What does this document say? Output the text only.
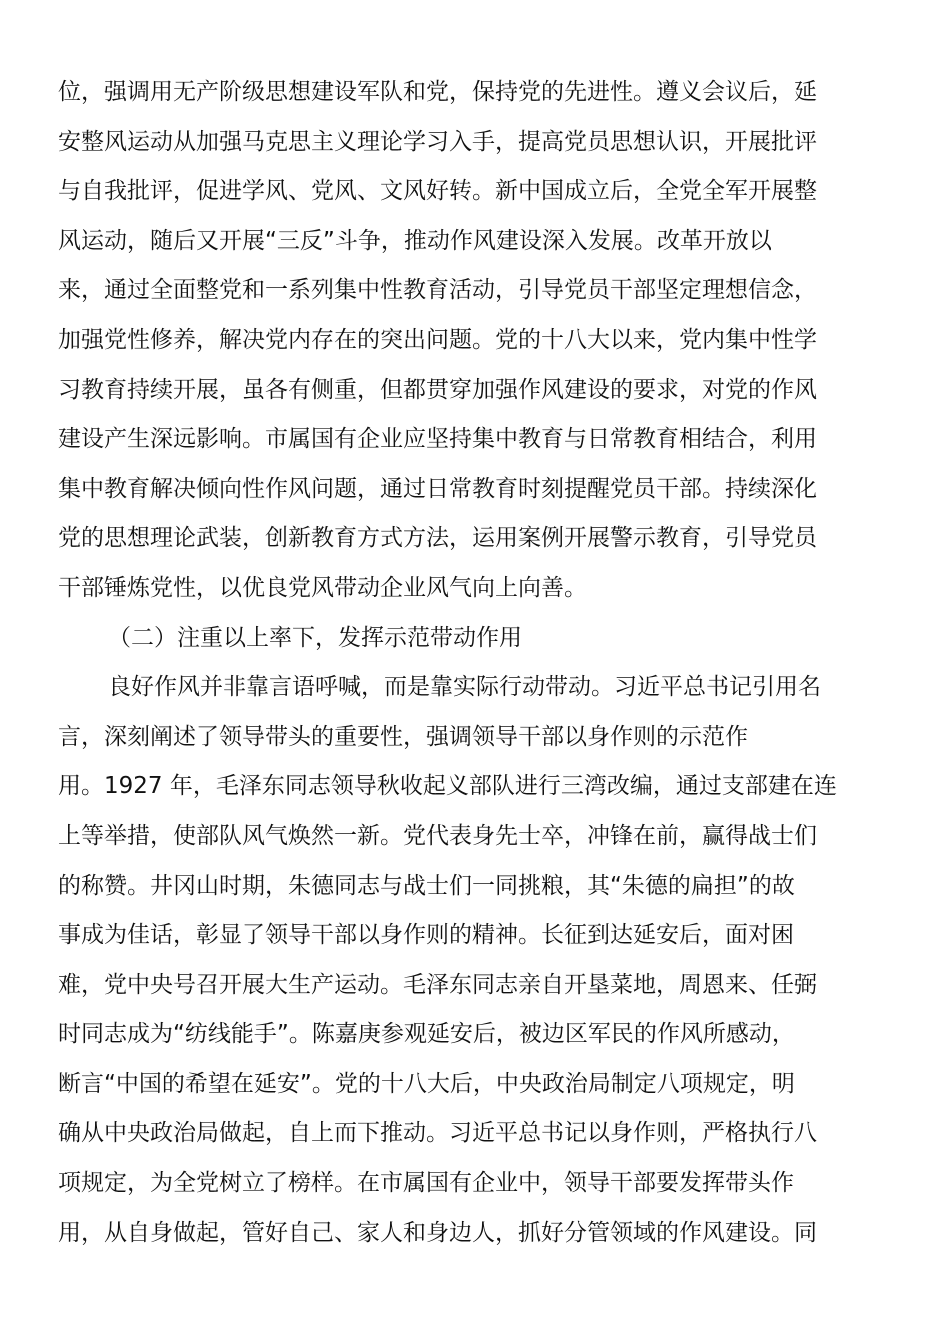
位，强调用无产阶级思想建设军队和党，保持党的先进性。遵义会议后，延
安整风运动从加强马克思主义理论学习入手，提高党员思想认识，开展批评
与自我批评，促进学风、党风、文风好转。新中国成立后，全党全军开展整
风运动，随后又开展“三反”斗争，推动作风建设深入发展。改革开放以
来，通过全面整党和一系列集中性教育活动，引导党员干部坚定理想信念，
加强党性修养，解决党内存在的突出问题。党的十八大以来，党内集中性学
习教育持续开展，虽各有侧重，但都贯穿加强作风建设的要求，对党的作风
建设产生深远影响。市属国有企业应坚持集中教育与日常教育相结合，利用
集中教育解决倾向性作风问题，通过日常教育时刻提醒党员干部。持续深化
党的思想理论武装，创新教育方式方法，运用案例开展警示教育，引导党员
干部锤炼党性，以优良党风带动企业风气向上向善。
（二）注重以上率下，发挥示范带动作用
良好作风并非靠言语呼喊，而是靠实际行动带动。习近平总书记引用名
言，深刻阐述了领导带头的重要性，强调领导干部以身作则的示范作
用。1927 年，毛泽东同志领导秋收起义部队进行三湾改编，通过支部建在连
上等举措，使部队风气焕然一新。党代表身先士卒，冲锋在前，赢得战士们
的称赞。井冈山时期，朱德同志与战士们一同挑粮，其“朱德的扁担”的故
事成为佳话，彰显了领导干部以身作则的精神。长征到达延安后，面对困
难，党中央号召开展大生产运动。毛泽东同志亲自开垦菜地，周恩来、任弼
时同志成为“纺线能手”。陈嘉庚参观延安后，被边区军民的作风所感动，
断言“中国的希望在延安”。党的十八大后，中央政治局制定八项规定，明
确从中央政治局做起，自上而下推动。习近平总书记以身作则，严格执行八
项规定，为全党树立了榜样。在市属国有企业中，领导干部要发挥带头作
用，从自身做起，管好自己、家人和身边人，抓好分管领域的作风建设。同
